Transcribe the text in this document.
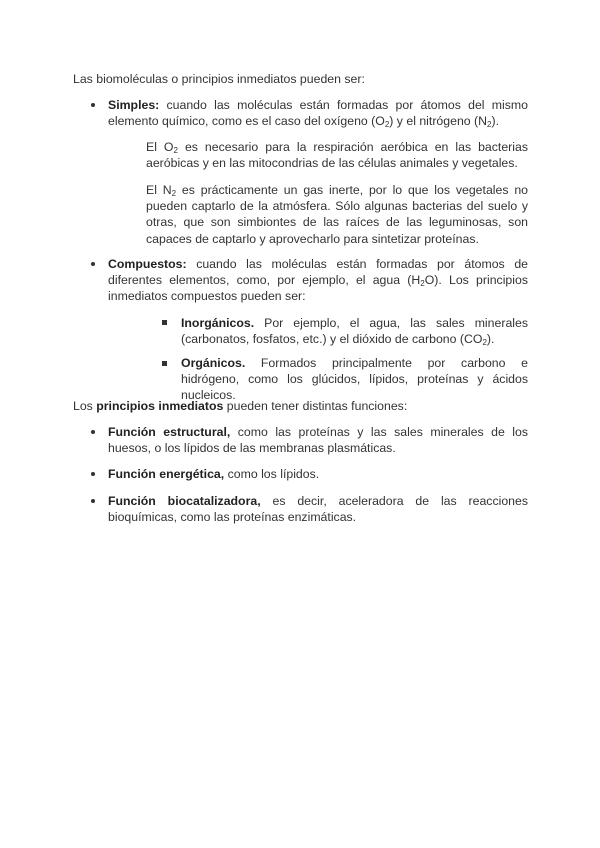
Las biomoléculas o principios inmediatos pueden ser:

Simples: cuando las moléculas están formadas por átomos del mismo elemento químico, como es el caso del oxígeno $(O_2)$ y el nitrógeno $(N_2)$.

El $O_2$ es necesario para la respiración aeróbica en las bacterias aeróbicas y en las mitocondrias de las células animales y vegetales.

El $N_2$ es prácticamente un gas inerte, por lo que los vegetales no pueden captarlo de la atmósfera. Sólo algunas bacterias del suelo y otras, que son simbiontes de las raíces de las leguminosas, son capaces de captarlo y aprovecharlo para sintetizar proteínas.

Compuestos: cuando las moléculas están formadas por átomos de diferentes elementos, como, por ejemplo, el agua $(H_2O)$. Los principios inmediatos compuestos pueden ser:

Inorgánicos. Por ejemplo, el agua, las sales minerales (carbonatos, fosfatos, etc.) y el dióxido de carbono $(CO_2)$.

Orgánicos. Formados principalmente por carbono e hidrógeno, como los glúcidos, lípidos, proteínas y ácidos nucleicos.

Los principios inmediatos pueden tener distintas funciones:

Función estructural, como las proteínas y las sales minerales de los huesos, o los lípidos de las membranas plasmáticas.

Función energética, como los lípidos.

Función biocatalizadora, es decir, aceleradora de las reacciones bioquímicas, como las proteínas enzimáticas.
